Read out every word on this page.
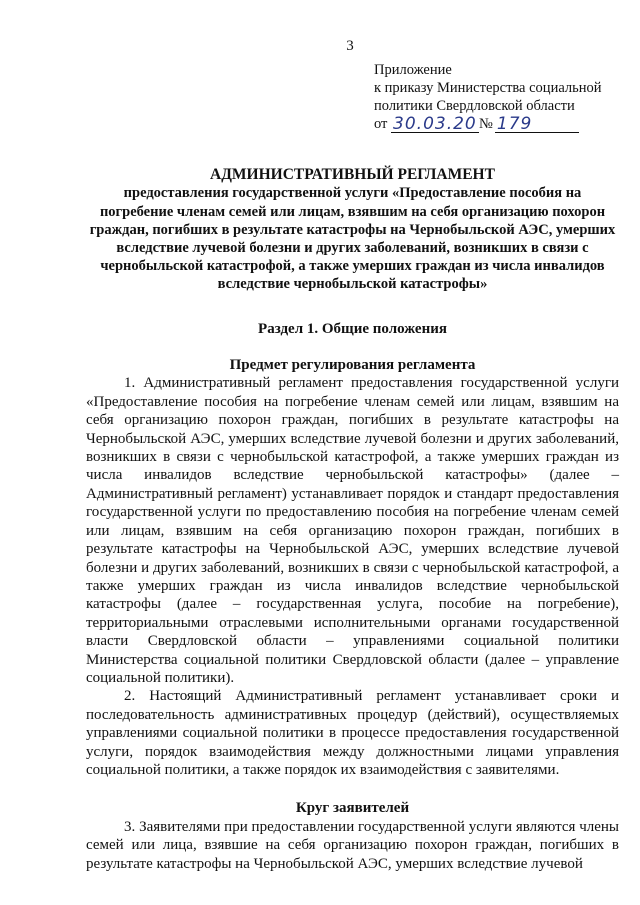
3
Приложение
к приказу Министерства социальной
политики Свердловской области
от
30.03.20 № 179
АДМИНИСТРАТИВНЫЙ РЕГЛАМЕНТ
предоставления государственной услуги «Предоставление пособия на погребение членам семей или лицам, взявшим на себя организацию похорон граждан, погибших в результате катастрофы на Чернобыльской АЭС, умерших вследствие лучевой болезни и других заболеваний, возникших в связи с чернобыльской катастрофой, а также умерших граждан из числа инвалидов вследствие чернобыльской катастрофы»
Раздел 1. Общие положения
Предмет регулирования регламента

1. Административный регламент предоставления государственной услуги «Предоставление пособия на погребение членам семей или лицам, взявшим на себя организацию похорон граждан, погибших в результате катастрофы на Чернобыльской АЭС, умерших вследствие лучевой болезни и других заболеваний, возникших в связи с чернобыльской катастрофой, а также умерших граждан из числа инвалидов вследствие чернобыльской катастрофы» (далее – Административный регламент) устанавливает порядок и стандарт предоставления государственной услуги по предоставлению пособия на погребение членам семей или лицам, взявшим на себя организацию похорон граждан, погибших в результате катастрофы на Чернобыльской АЭС, умерших вследствие лучевой болезни и других заболеваний, возникших в связи с чернобыльской катастрофой, а также умерших граждан из числа инвалидов вследствие чернобыльской катастрофы (далее – государственная услуга, пособие на погребение), территориальными отраслевыми исполнительными органами государственной власти Свердловской области – управлениями социальной политики Министерства социальной политики Свердловской области (далее – управление социальной политики).

2. Настоящий Административный регламент устанавливает сроки и последовательность административных процедур (действий), осуществляемых управлениями социальной политики в процессе предоставления государственной услуги, порядок взаимодействия между должностными лицами управления социальной политики, а также порядок их взаимодействия с заявителями.

Круг заявителей

3. Заявителями при предоставлении государственной услуги являются члены семей или лица, взявшие на себя организацию похорон граждан, погибших в результате катастрофы на Чернобыльской АЭС, умерших вследствие лучевой
